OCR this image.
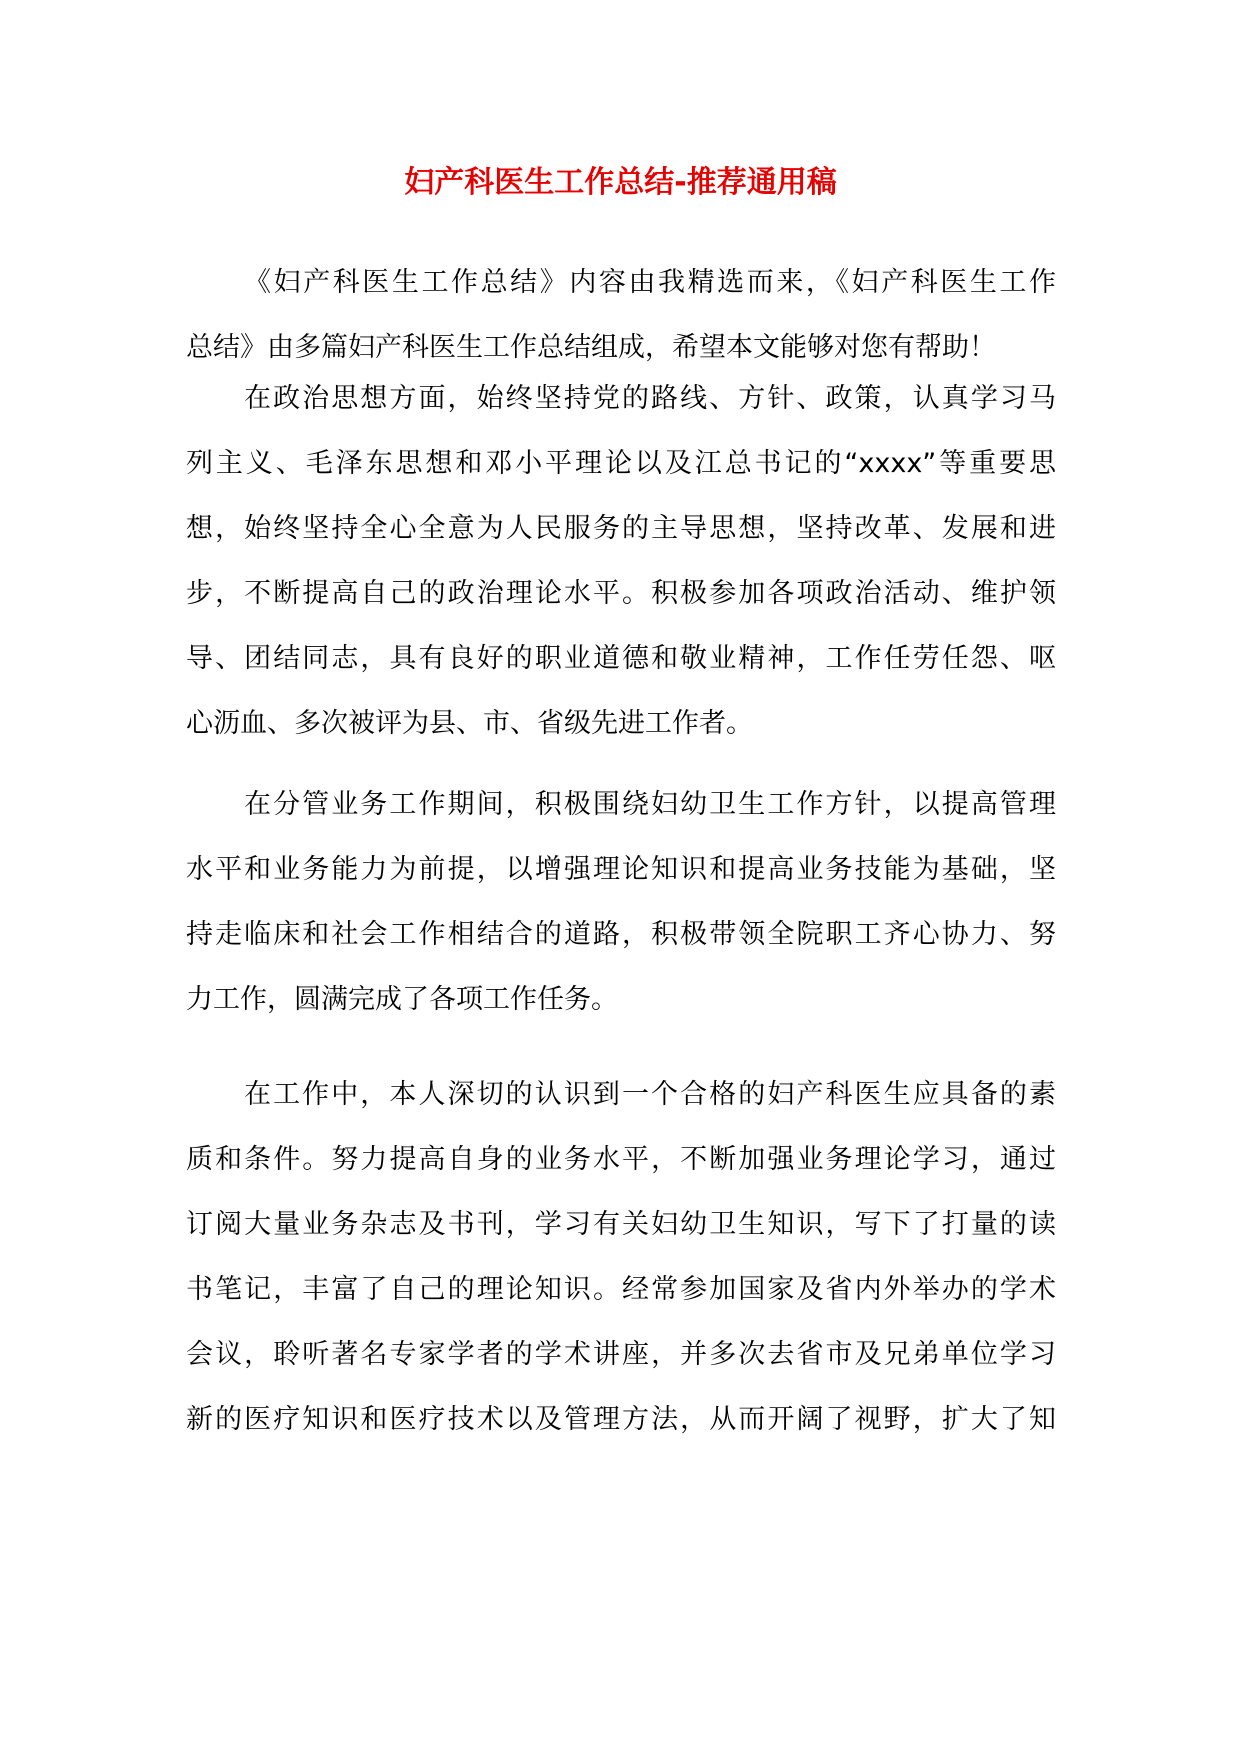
妇产科医生工作总结-推荐通用稿
《妇产科医生工作总结》内容由我精选而来，《妇产科医生工作
总结》由多篇妇产科医生工作总结组成，希望本文能够对您有帮助！
在政治思想方面，始终坚持党的路线、方针、政策，认真学习马
列主义、毛泽东思想和邓小平理论以及江总书记的“xxxx”等重要思
想，始终坚持全心全意为人民服务的主导思想，坚持改革、发展和进
步，不断提高自己的政治理论水平。积极参加各项政治活动、维护领
导、团结同志，具有良好的职业道德和敬业精神，工作任劳任怨、呕
心沥血、多次被评为县、市、省级先进工作者。
在分管业务工作期间，积极围绕妇幼卫生工作方针，以提高管理
水平和业务能力为前提，以增强理论知识和提高业务技能为基础，坚
持走临床和社会工作相结合的道路，积极带领全院职工齐心协力、努
力工作，圆满完成了各项工作任务。
在工作中，本人深切的认识到一个合格的妇产科医生应具备的素
质和条件。努力提高自身的业务水平，不断加强业务理论学习，通过
订阅大量业务杂志及书刊，学习有关妇幼卫生知识，写下了打量的读
书笔记，丰富了自己的理论知识。经常参加国家及省内外举办的学术
会议，聆听著名专家学者的学术讲座，并多次去省市及兄弟单位学习
新的医疗知识和医疗技术以及管理方法，从而开阔了视野，扩大了知
